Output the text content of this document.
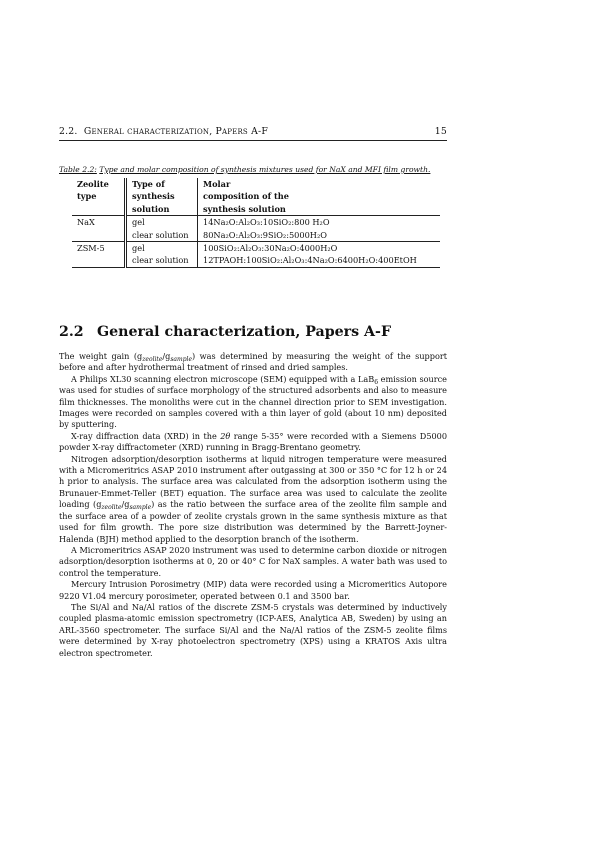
2.2. General characterization, Papers A-F	15
Table 2.2: Type and molar composition of synthesis mixtures used for NaX and MFI film growth.
Zeolite	Type of	Molar
type	synthesis	composition of the
	solution	synthesis solution
NaX	gel	14Na₂O:Al₂O₃:10SiO₂:800 H₂O
	clear solution	80Na₂O:Al₂O₃:9SiO₂:5000H₂O
ZSM-5	gel	100SiO₂:Al₂O₃:30Na₂O:4000H₂O
	clear solution	12TPAOH:100SiO₂:Al₂O₃:4Na₂O:6400H₂O:400EtOH
2.2 General characterization, Papers A-F

The weight gain $(g_{zeolite}/g_{sample})$ was determined by measuring the weight of the support before and after hydrothermal treatment of rinsed and dried samples.

A Philips XL30 scanning electron microscope (SEM) equipped with a LaB$_6$ emission source was used for studies of surface morphology of the structured adsorbents and also to measure film thicknesses. The monoliths were cut in the channel direction prior to SEM investigation. Images were recorded on samples covered with a thin layer of gold (about 10 nm) deposited by sputtering.

X-ray diffraction data (XRD) in the 2θ range 5-35° were recorded with a Siemens D5000 powder X-ray diffractometer (XRD) running in Bragg-Brentano geometry.

Nitrogen adsorption/desorption isotherms at liquid nitrogen temperature were measured with a Micromeritrics ASAP 2010 instrument after outgassing at 300 or 350 °C for 12 h or 24 h prior to analysis. The surface area was calculated from the adsorption isotherm using the Brunauer-Emmet-Teller (BET) equation. The surface area was used to calculate the zeolite loading $(g_{zeolite}/g_{sample})$ as the ratio between the surface area of the zeolite film sample and the surface area of a powder of zeolite crystals grown in the same synthesis mixture as that used for film growth. The pore size distribution was determined by the Barrett-Joyner-Halenda (BJH) method applied to the desorption branch of the isotherm.

A Micromeritrics ASAP 2020 instrument was used to determine carbon dioxide or nitrogen adsorption/desorption isotherms at 0, 20 or 40° C for NaX samples. A water bath was used to control the temperature.

Mercury Intrusion Porosimetry (MIP) data were recorded using a Micromeritics Autopore 9220 V1.04 mercury porosimeter, operated between 0.1 and 3500 bar.

The Si/Al and Na/Al ratios of the discrete ZSM-5 crystals was determined by inductively coupled plasma-atomic emission spectrometry (ICP-AES, Analytica AB, Sweden) by using an ARL-3560 spectrometer. The surface Si/Al and the Na/Al ratios of the ZSM-5 zeolite films were determined by X-ray photoelectron spectrometry (XPS) using a KRATOS Axis ultra electron spectrometer.
